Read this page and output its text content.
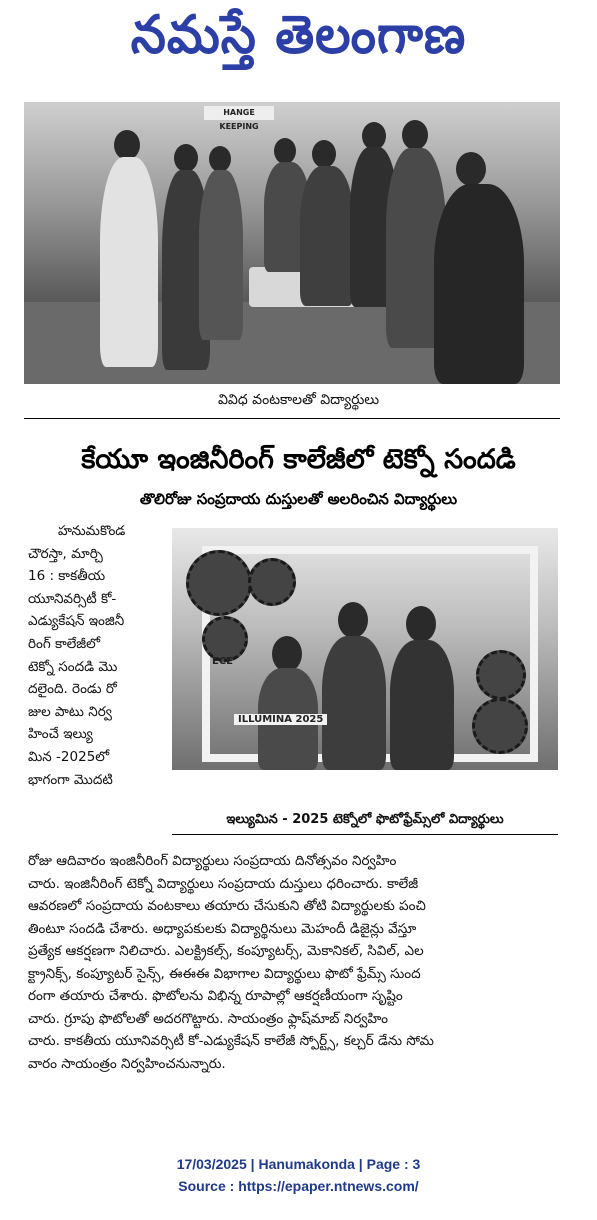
నమస్తే తెలంగాణ
HANGE KEEPING
వివిధ వంటకాలతో విద్యార్థులు
కేయూ ఇంజినీరింగ్ కాలేజీలో టెక్నో సందడి
తొలిరోజు సంప్రదాయ దుస్తులతో అలరించిన విద్యార్థులు
హనుమకొండ
చౌరస్తా, మార్చి
16 : కాకతీయ
యూనివర్సిటీ కో-
ఎడ్యుకేషన్ ఇంజినీ
రింగ్ కాలేజీలో
టెక్నో సందడి మొ
దలైంది. రెండు రో
జుల పాటు నిర్వ
హించే ఇల్యు
మిన -2025లో
భాగంగా మొదటి
ECE
ILLUMINA 2025
ఇల్యుమిన - 2025 టెక్నోలో ఫొటోఫ్రేమ్స్‌లో విద్యార్థులు
రోజు ఆదివారం ఇంజినీరింగ్ విద్యార్థులు సంప్రదాయ దినోత్సవం నిర్వహిం
చారు. ఇంజినీరింగ్ టెక్నో విద్యార్థులు సంప్రదాయ దుస్తులు ధరించారు. కాలేజీ
ఆవరణలో సంప్రదాయ వంటకాలు తయారు చేసుకుని తోటి విద్యార్థులకు పంచి
తింటూ సందడి చేశారు. అధ్యాపకులకు విద్యార్థినులు మెహందీ డిజైన్లు వేస్తూ
ప్రత్యేక ఆకర్షణగా నిలిచారు. ఎలక్ట్రికల్స్, కంప్యూటర్స్, మెకానికల్, సివిల్, ఎల
క్ట్రానిక్స్, కంప్యూటర్ సైన్స్, ఈఈఈ విభాగాల విద్యార్థులు ఫొటో ఫ్రేమ్స్ సుంద
రంగా తయారు చేశారు. ఫొటోలను విభిన్న రూపాల్లో ఆకర్షణీయంగా సృష్టిం
చారు. గ్రూపు ఫొటోలతో అదరగొట్టారు. సాయంత్రం ఫ్లాష్‌మాబ్ నిర్వహిం
చారు. కాకతీయ యూనివర్సిటీ కో-ఎడ్యుకేషన్ కాలేజీ స్పోర్ట్స్, కల్చర్ డేను సోమ
వారం సాయంత్రం నిర్వహించనున్నారు.
17/03/2025 | Hanumakonda | Page : 3
Source : https://epaper.ntnews.com/
